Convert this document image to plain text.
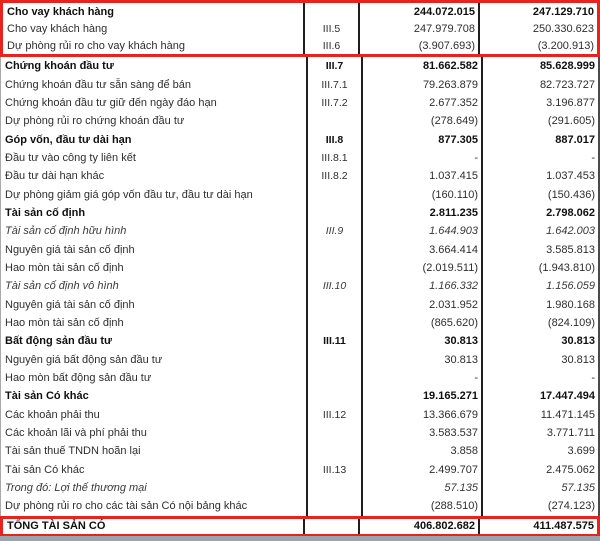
Cho vay khách hàng	244.072.015	247.129.710
Cho vay khách hàng	III.5	247.979.708	250.330.623
Dự phòng rủi ro cho vay khách hàng	III.6	(3.907.693)	(3.200.913)
Chứng khoán đầu tư	III.7	81.662.582	85.628.999
Chứng khoán đầu tư sẵn sàng để bán	III.7.1	79.263.879	82.723.727
Chứng khoán đầu tư giữ đến ngày đáo hạn	III.7.2	2.677.352	3.196.877
Dự phòng rủi ro chứng khoán đầu tư	(278.649)	(291.605)
Góp vốn, đầu tư dài hạn	III.8	877.305	887.017
Đầu tư vào công ty liên kết	III.8.1	-	-
Đầu tư dài hạn khác	III.8.2	1.037.415	1.037.453
Dự phòng giảm giá góp vốn đầu tư, đầu tư dài hạn	(160.110)	(150.436)
Tài sản cố định	2.811.235	2.798.062
Tài sản cố định hữu hình	III.9	1.644.903	1.642.003
Nguyên giá tài sản cố định	3.664.414	3.585.813
Hao mòn tài sản cố định	(2.019.511)	(1.943.810)
Tài sản cố định vô hình	III.10	1.166.332	1.156.059
Nguyên giá tài sản cố định	2.031.952	1.980.168
Hao mòn tài sản cố định	(865.620)	(824.109)
Bất động sản đầu tư	III.11	30.813	30.813
Nguyên giá bất động sản đầu tư	30.813	30.813
Hao mòn bất động sản đầu tư	-	-
Tài sản Có khác	19.165.271	17.447.494
Các khoản phải thu	III.12	13.366.679	11.471.145
Các khoản lãi và phí phải thu	3.583.537	3.771.711
Tài sản thuế TNDN hoãn lại	3.858	3.699
Tài sản Có khác	III.13	2.499.707	2.475.062
Trong đó: Lợi thế thương mại	57.135	57.135
Dự phòng rủi ro cho các tài sản Có nội bảng khác	(288.510)	(274.123)
TỔNG TÀI SẢN CÓ	406.802.682	411.487.575
